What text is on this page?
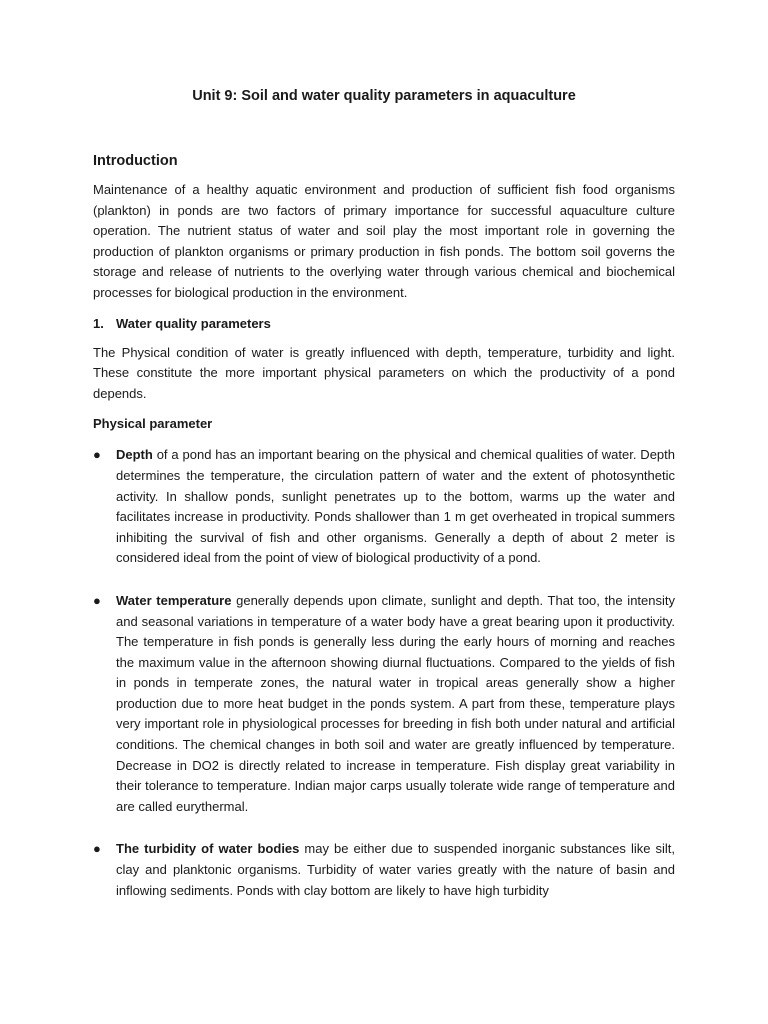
Unit 9: Soil and water quality parameters in aquaculture
Introduction

Maintenance of a healthy aquatic environment and production of sufficient fish food organisms (plankton) in ponds are two factors of primary importance for successful aquaculture culture operation. The nutrient status of water and soil play the most important role in governing the production of plankton organisms or primary production in fish ponds. The bottom soil governs the storage and release of nutrients to the overlying water through various chemical and biochemical processes for biological production in the environment.

1. Water quality parameters

The Physical condition of water is greatly influenced with depth, temperature, turbidity and light. These constitute the more important physical parameters on which the productivity of a pond depends.

Physical parameter
● Depth of a pond has an important bearing on the physical and chemical qualities of water. Depth determines the temperature, the circulation pattern of water and the extent of photosynthetic activity. In shallow ponds, sunlight penetrates up to the bottom, warms up the water and facilitates increase in productivity. Ponds shallower than 1 m get overheated in tropical summers inhibiting the survival of fish and other organisms. Generally a depth of about 2 meter is considered ideal from the point of view of biological productivity of a pond.

● Water temperature generally depends upon climate, sunlight and depth. That too, the intensity and seasonal variations in temperature of a water body have a great bearing upon it productivity. The temperature in fish ponds is generally less during the early hours of morning and reaches the maximum value in the afternoon showing diurnal fluctuations. Compared to the yields of fish in ponds in temperate zones, the natural water in tropical areas generally show a higher production due to more heat budget in the ponds system. A part from these, temperature plays very important role in physiological processes for breeding in fish both under natural and artificial conditions. The chemical changes in both soil and water are greatly influenced by temperature. Decrease in DO2 is directly related to increase in temperature. Fish display great variability in their tolerance to temperature. Indian major carps usually tolerate wide range of temperature and are called eurythermal.

● The turbidity of water bodies may be either due to suspended inorganic substances like silt, clay and planktonic organisms. Turbidity of water varies greatly with the nature of basin and inflowing sediments. Ponds with clay bottom are likely to have high turbidity
